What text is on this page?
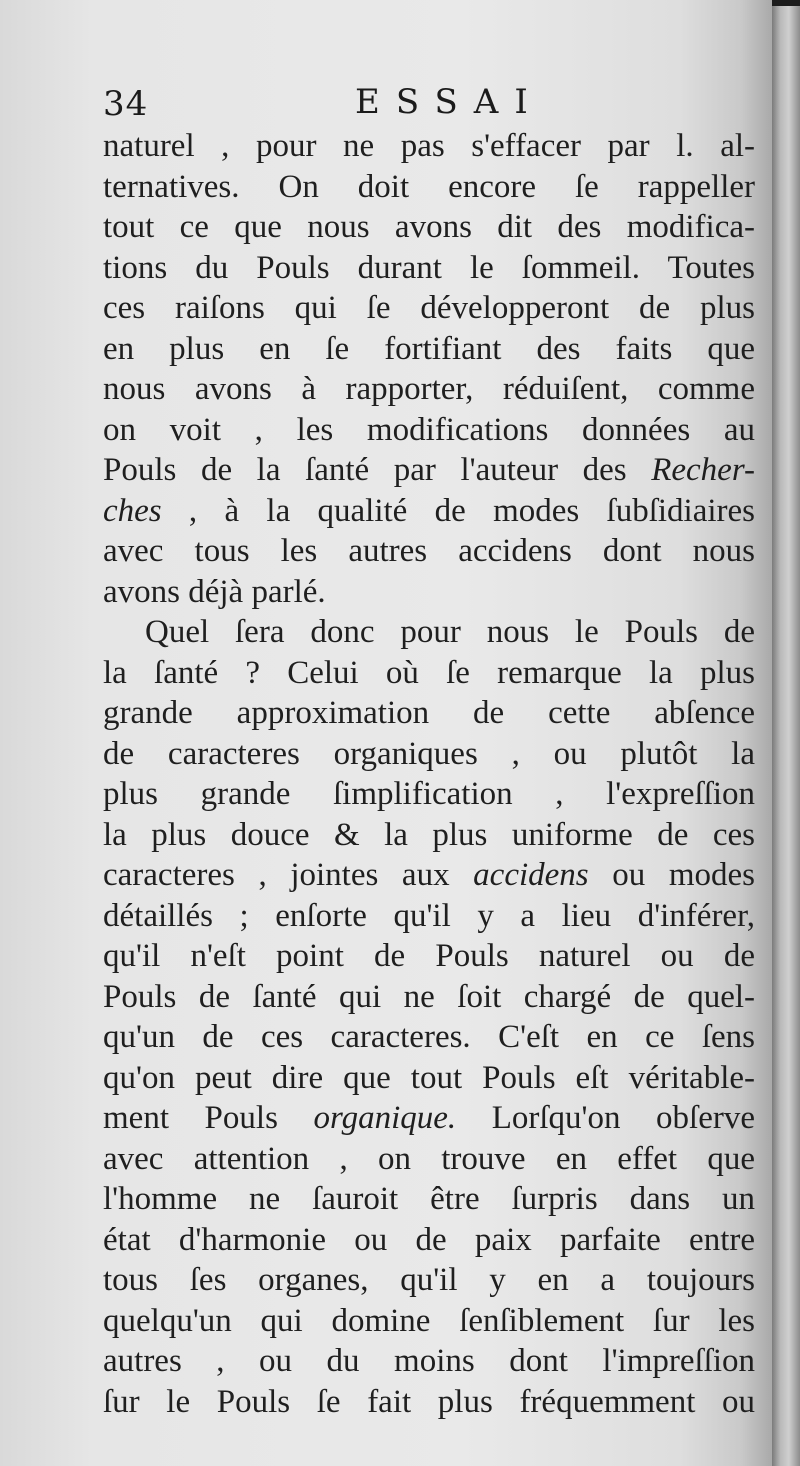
34	ESSAI
naturel , pour ne pas s'effacer par l. al-
ternatives. On doit encore ſe rappeller
tout ce que nous avons dit des modifica-
tions du Pouls durant le ſommeil. Toutes
ces raiſons qui ſe développeront de plus
en plus en ſe fortifiant des faits que
nous avons à rapporter, réduiſent, comme
on voit , les modifications données au
Pouls de la ſanté par l'auteur des Recher-
ches , à la qualité de modes ſubſidiaires
avec tous les autres accidens dont nous
avons déjà parlé.
Quel ſera donc pour nous le Pouls de
la ſanté ? Celui où ſe remarque la plus
grande approximation de cette abſence
de caracteres organiques , ou plutôt la
plus grande ſimplification , l'expreſſion
la plus douce & la plus uniforme de ces
caracteres , jointes aux accidens ou modes
détaillés ; enſorte qu'il y a lieu d'inférer,
qu'il n'eſt point de Pouls naturel ou de
Pouls de ſanté qui ne ſoit chargé de quel-
qu'un de ces caracteres. C'eſt en ce ſens
qu'on peut dire que tout Pouls eſt véritable-
ment Pouls organique. Lorſqu'on obſerve
avec attention , on trouve en effet que
l'homme ne ſauroit être ſurpris dans un
état d'harmonie ou de paix parfaite entre
tous ſes organes, qu'il y en a toujours
quelqu'un qui domine ſenſiblement ſur les
autres , ou du moins dont l'impreſſion
ſur le Pouls ſe fait plus fréquemment ou
